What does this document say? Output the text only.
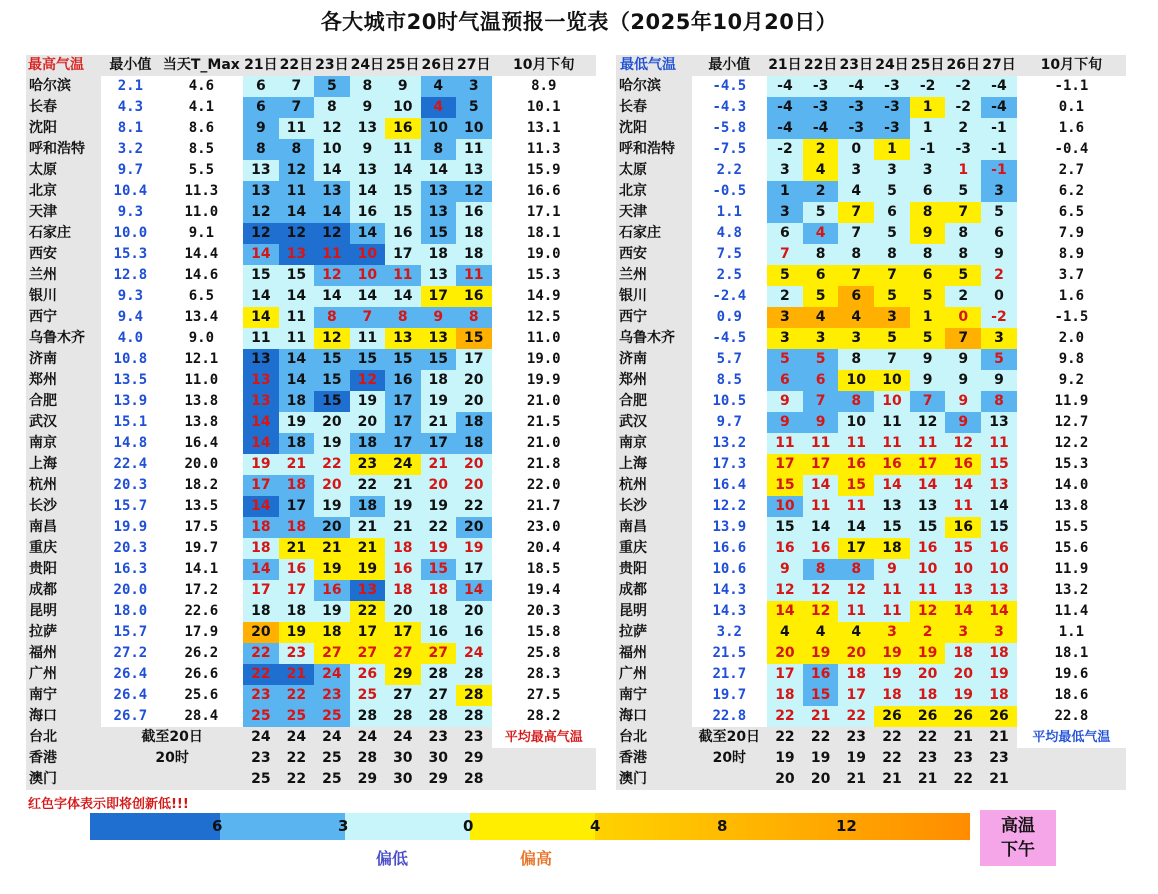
各大城市20时气温预报一览表（2025年10月20日）
最高气温	最小值	当天T_Max	21日	22日	23日	24日	25日	26日	27日	10月下旬
哈尔滨	2.1	4.6	6	7	5	8	9	4	3	8.9
长春	4.3	4.1	6	7	8	9	10	4	5	10.1
沈阳	8.1	8.6	9	11	12	13	16	10	10	13.1
呼和浩特	3.2	8.5	8	8	10	9	11	8	11	11.3
太原	9.7	5.5	13	12	14	13	14	14	13	15.9
北京	10.4	11.3	13	11	13	14	15	13	12	16.6
天津	9.3	11.0	12	14	14	16	15	13	16	17.1
石家庄	10.0	9.1	12	12	12	14	16	15	18	18.1
西安	15.3	14.4	14	13	11	10	17	18	18	19.0
兰州	12.8	14.6	15	15	12	10	11	13	11	15.3
银川	9.3	6.5	14	14	14	14	14	17	16	14.9
西宁	9.4	13.4	14	11	8	7	8	9	8	12.5
乌鲁木齐	4.0	9.0	11	11	12	11	13	13	15	11.0
济南	10.8	12.1	13	14	15	15	15	15	17	19.0
郑州	13.5	11.0	13	14	15	12	16	18	20	19.9
合肥	13.9	13.8	13	18	15	19	17	19	20	21.0
武汉	15.1	13.8	14	19	20	20	17	21	18	21.5
南京	14.8	16.4	14	18	19	18	17	17	18	21.0
上海	22.4	20.0	19	21	22	23	24	21	20	21.8
杭州	20.3	18.2	17	18	20	22	21	20	20	22.0
长沙	15.7	13.5	14	17	19	18	19	19	22	21.7
南昌	19.9	17.5	18	18	20	21	21	22	20	23.0
重庆	20.3	19.7	18	21	21	21	18	19	19	20.4
贵阳	16.3	14.1	14	16	19	19	16	15	17	18.5
成都	20.0	17.2	17	17	16	13	18	18	14	19.4
昆明	18.0	22.6	18	18	19	22	20	18	20	20.3
拉萨	15.7	17.9	20	19	18	17	17	16	16	15.8
福州	27.2	26.2	22	23	27	27	27	27	24	25.8
广州	26.4	26.6	22	21	24	26	29	28	28	28.3
南宁	26.4	25.6	23	22	23	25	27	27	28	27.5
海口	26.7	28.4	25	25	25	28	28	28	28	28.2
台北	截至20日		24	24	24	24	24	23	23	平均最高气温
香港	20时		23	22	25	28	30	30	29	
澳门			25	22	25	29	30	29	28	
最低气温	最小值	21日	22日	23日	24日	25日	26日	27日	10月下旬
哈尔滨	-4.5	-4	-3	-4	-3	-2	-2	-4	-1.1
长春	-4.3	-4	-3	-3	-3	1	-2	-4	0.1
沈阳	-5.8	-4	-4	-3	-3	1	2	-1	1.6
呼和浩特	-7.5	-2	2	0	1	-1	-3	-1	-0.4
太原	2.2	3	4	3	3	3	1	-1	2.7
北京	-0.5	1	2	4	5	6	5	3	6.2
天津	1.1	3	5	7	6	8	7	5	6.5
石家庄	4.8	6	4	7	5	9	8	6	7.9
西安	7.5	7	8	8	8	8	8	9	8.9
兰州	2.5	5	6	7	7	6	5	2	3.7
银川	-2.4	2	5	6	5	5	2	0	1.6
西宁	0.9	3	4	4	3	1	0	-2	-1.5
乌鲁木齐	-4.5	3	3	3	5	5	7	3	2.0
济南	5.7	5	5	8	7	9	9	5	9.8
郑州	8.5	6	6	10	10	9	9	9	9.2
合肥	10.5	9	7	8	10	7	9	8	11.9
武汉	9.7	9	9	10	11	12	9	13	12.7
南京	13.2	11	11	11	11	11	12	11	12.2
上海	17.3	17	17	16	16	17	16	15	15.3
杭州	16.4	15	14	15	14	14	14	13	14.0
长沙	12.2	10	11	11	13	13	11	14	13.8
南昌	13.9	15	14	14	15	15	16	15	15.5
重庆	16.6	16	16	17	18	16	15	16	15.6
贵阳	10.6	9	8	8	9	10	10	10	11.9
成都	14.3	12	12	12	11	11	13	13	13.2
昆明	14.3	14	12	11	11	12	14	14	11.4
拉萨	3.2	4	4	4	3	2	3	3	1.1
福州	21.5	20	19	20	19	19	18	18	18.1
广州	21.7	17	16	18	19	20	20	19	19.6
南宁	19.7	18	15	17	18	18	19	18	18.6
海口	22.8	22	21	22	26	26	26	26	22.8
台北	截至20日	22	22	23	22	22	21	21	平均最低气温
香港	20时	19	19	19	22	23	23	23	
澳门		20	20	21	21	21	22	21	
红色字体表示即将创新低!!!
6	3	0	4	8	12
偏低	偏高
高温
下午
